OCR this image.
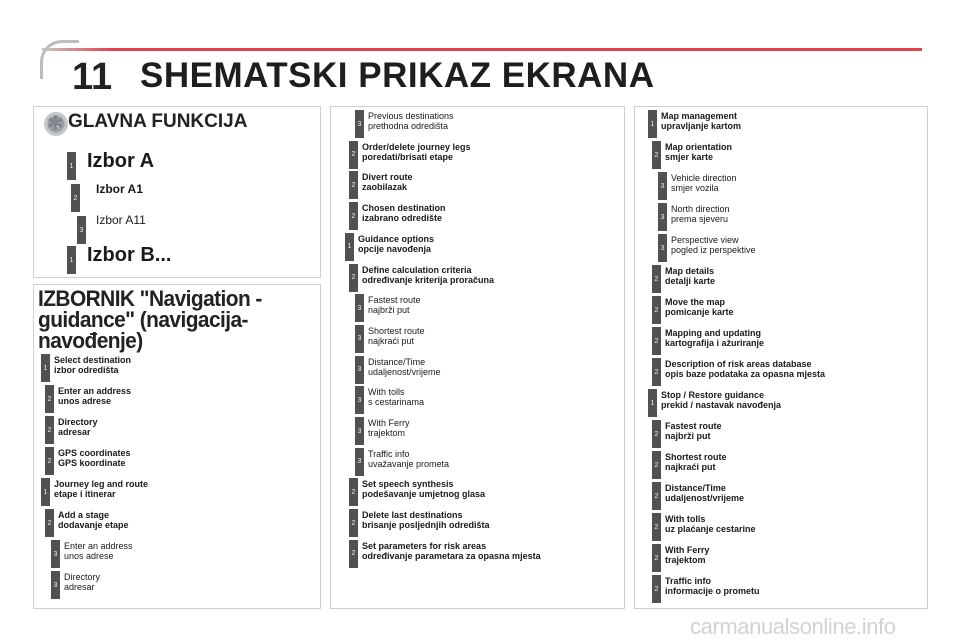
11 SHEMATSKI PRIKAZ EKRANA
✱
GLAVNA FUNKCIJA
1 Izbor A
2
Izbor A1
3
Izbor A11
1 Izbor B...
IZBORNIK "Navigation -
guidance" (navigacija-navođenje)
1
Select destination
izbor odredišta
2
Enter an address
unos adrese
2
Directory
adresar
2
GPS coordinates
GPS koordinate
1
Journey leg and route
etape i itinerar
2
Add a stage
dodavanje etape
3
Enter an address
unos adrese
3
Directory
adresar
3
Previous destinations
prethodna odredišta
2
Order/delete journey legs
poredati/brisati etape
2
Divert route
zaobilazak
2
Chosen destination
izabrano odredište
1
Guidance options
opcije navođenja
2
Define calculation criteria
određivanje kriterija proračuna
3
Fastest route
najbrži put
3
Shortest route
najkraći put
3
Distance/Time
udaljenost/vrijeme
3
With tolls
s cestarinama
3
With Ferry
trajektom
3
Traffic info
uvažavanje prometa
2
Set speech synthesis
podešavanje umjetnog glasa
2
Delete last destinations
brisanje posljednjih odredišta
2
Set parameters for risk areas
određivanje parametara za opasna mjesta
1
Map management
upravljanje kartom
2
Map orientation
smjer karte
3
Vehicle direction
smjer vozila
3
North direction
prema sjeveru
3
Perspective view
pogled iz perspektive
2
Map details
detalji karte
2
Move the map
pomicanje karte
2
Mapping and updating
kartografija i ažuriranje
2
Description of risk areas database
opis baze podataka za opasna mjesta
1
Stop / Restore guidance
prekid / nastavak navođenja
2
Fastest route
najbrži put
2
Shortest route
najkraći put
2
Distance/Time
udaljenost/vrijeme
2
With tolls
uz plaćanje cestarine
2
With Ferry
trajektom
2
Traffic info
informacije o prometu
carmanualsonline.info
